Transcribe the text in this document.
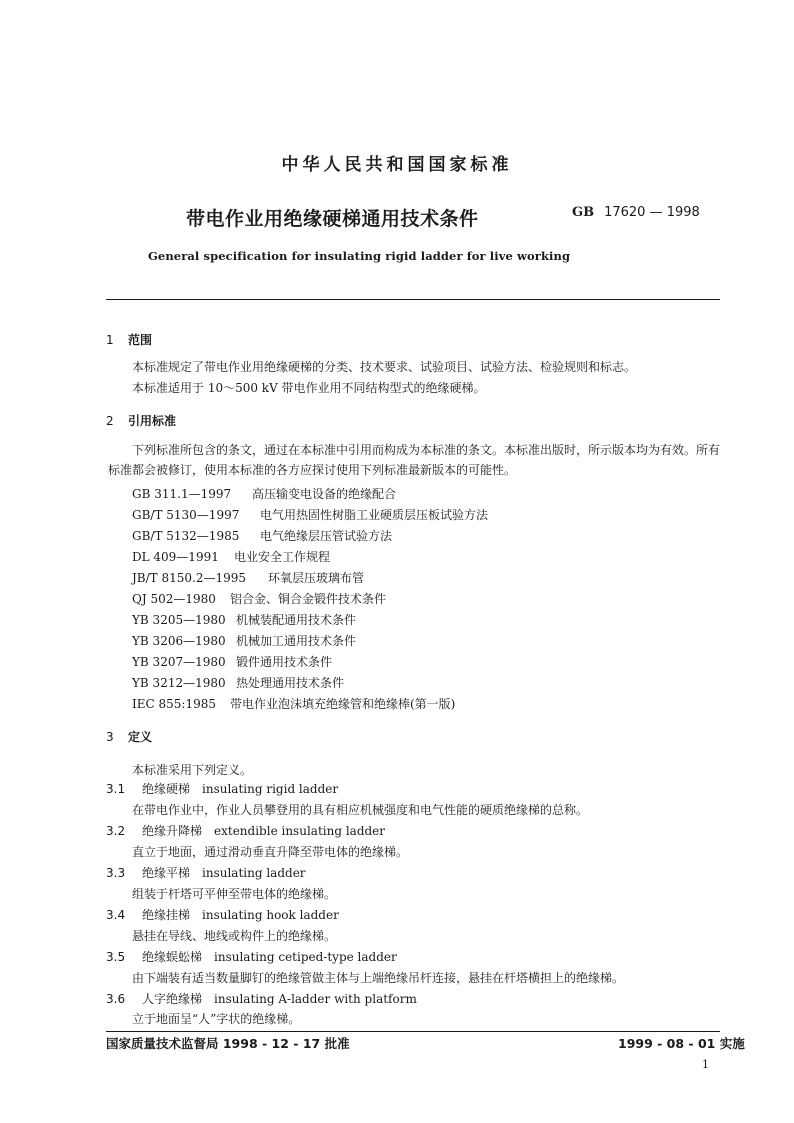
中华人民共和国国家标准
带电作业用绝缘硬梯通用技术条件	GB 17620 — 1998
General specification for insulating rigid ladder for live working
1 范围
本标准规定了带电作业用绝缘硬梯的分类、技术要求、试验项目、试验方法、检验规则和标志。
本标准适用于 10～500 kV 带电作业用不同结构型式的绝缘硬梯。
2 引用标准
下列标准所包含的条文，通过在本标准中引用而构成为本标准的条文。本标准出版时，所示版本均为有效。所有标准都会被修订，使用本标准的各方应探讨使用下列标准最新版本的可能性。
GB 311.1—1997 高压输变电设备的绝缘配合
GB/T 5130—1997 电气用热固性树脂工业硬质层压板试验方法
GB/T 5132—1985 电气绝缘层压管试验方法
DL 409—1991 电业安全工作规程
JB/T 8150.2—1995 环氧层压玻璃布管
QJ 502—1980 铝合金、铜合金锻件技术条件
YB 3205—1980 机械装配通用技术条件
YB 3206—1980 机械加工通用技术条件
YB 3207—1980 锻件通用技术条件
YB 3212—1980 热处理通用技术条件
IEC 855:1985 带电作业泡沫填充绝缘管和绝缘棒(第一版)
3 定义
本标准采用下列定义。
3.1 绝缘硬梯 insulating rigid ladder
在带电作业中，作业人员攀登用的具有相应机械强度和电气性能的硬质绝缘梯的总称。
3.2 绝缘升降梯 extendible insulating ladder
直立于地面，通过滑动垂直升降至带电体的绝缘梯。
3.3 绝缘平梯 insulating ladder
组装于杆塔可平伸至带电体的绝缘梯。
3.4 绝缘挂梯 insulating hook ladder
悬挂在导线、地线或构件上的绝缘梯。
3.5 绝缘蜈蚣梯 insulating cetiped-type ladder
由下端装有适当数量脚钉的绝缘管做主体与上端绝缘吊杆连接，悬挂在杆塔横担上的绝缘梯。
3.6 人字绝缘梯 insulating A-ladder with platform
立于地面呈“人”字状的绝缘梯。
国家质量技术监督局 1998 - 12 - 17 批准	1999 - 08 - 01 实施
1
